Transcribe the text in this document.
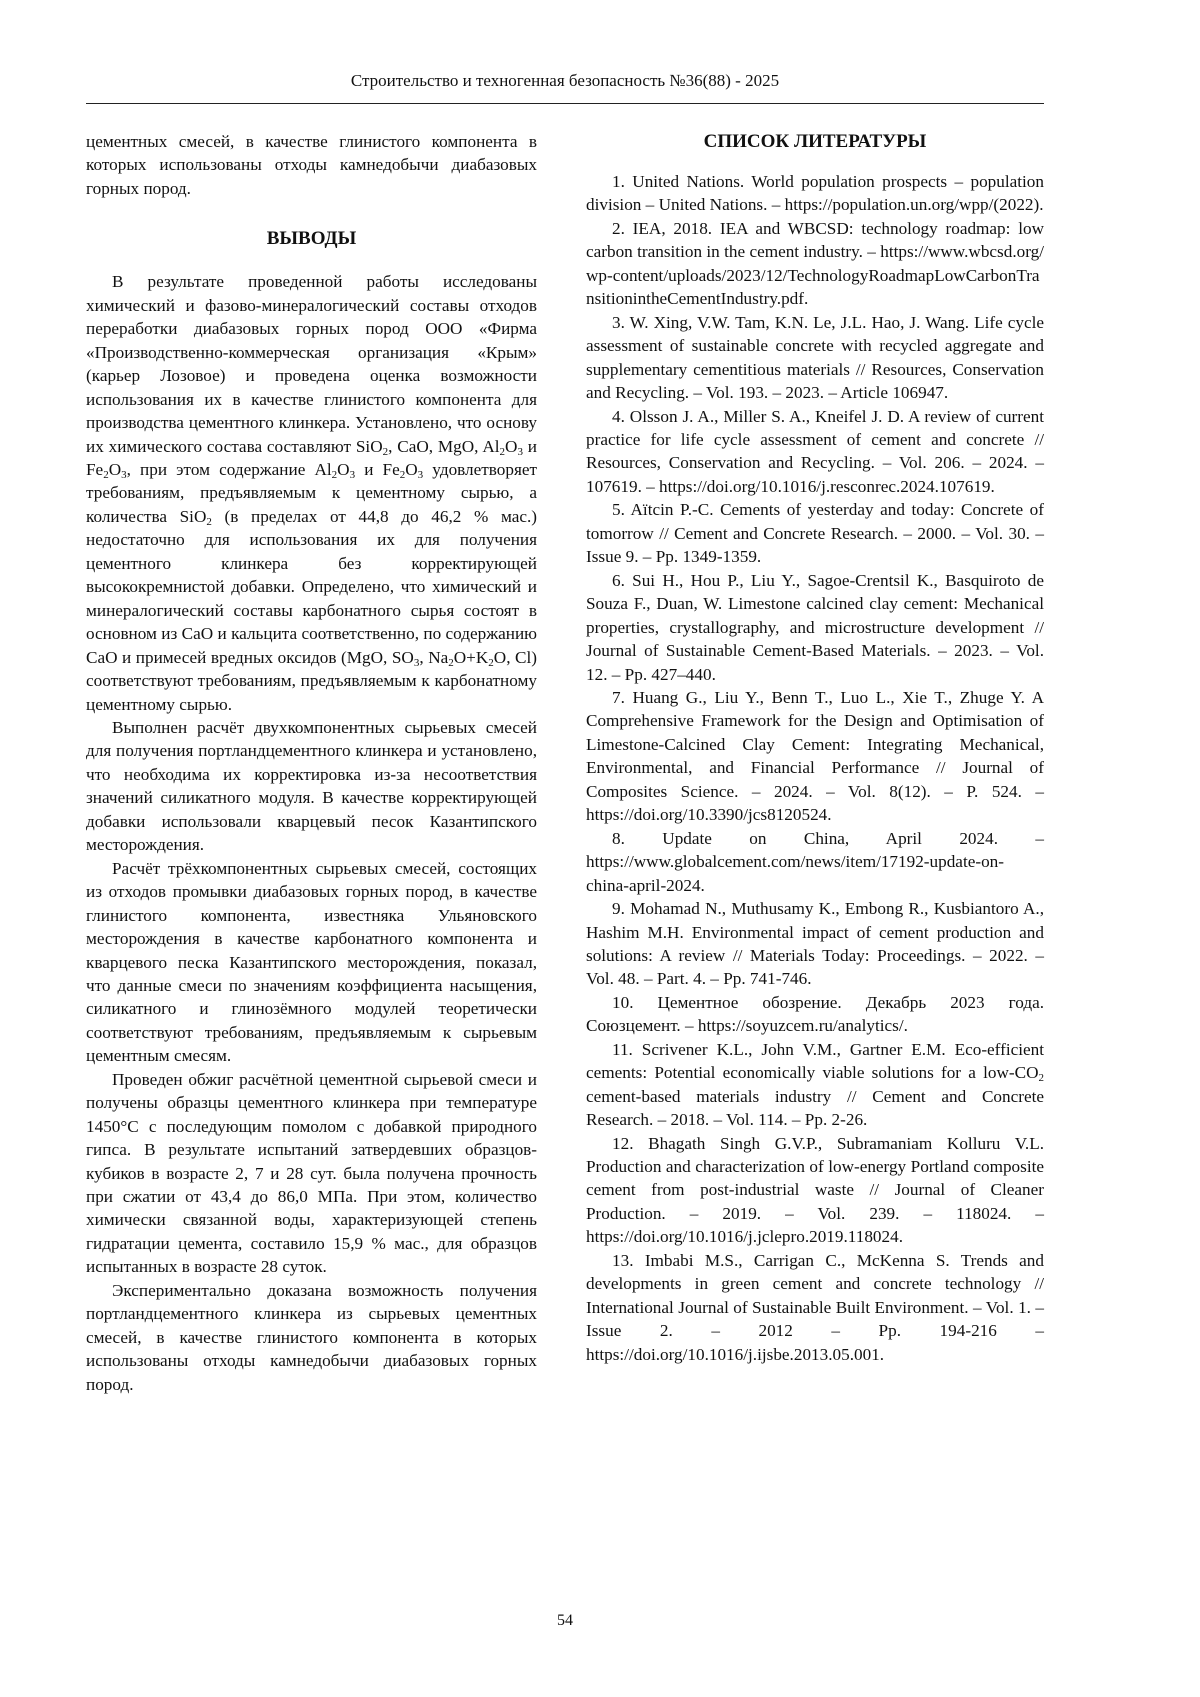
Строительство и техногенная безопасность №36(88) - 2025

цементных смесей, в качестве глинистого компонента в которых использованы отходы камнедобычи диабазовых горных пород.

ВЫВОДЫ

В результате проведенной работы исследованы химический и фазово-минералогический составы отходов переработки диабазовых горных пород ООО «Фирма «Производственно-коммерческая организация «Крым» (карьер Лозовое) и проведена оценка возможности использования их в качестве глинистого компонента для производства цементного клинкера. Установлено, что основу их химического состава составляют SiO$_2$, CaO, MgO, $Al_2O_3$ и $Fe_2O_3$, при этом содержание $Al_2O_3$ и $Fe_2O_3$ удовлетворяет требованиям, предъявляемым к цементному сырью, а количества SiO$_2$ (в пределах от 44,8 до 46,2 % мас.) недостаточно для использования их для получения цементного клинкера без корректирующей высококремнистой добавки. Определено, что химический и минералогический составы карбонатного сырья состоят в основном из CaO и кальцита соответственно, по содержанию CaO и примесей вредных оксидов (MgO, $SO_3$, $Na_2O+K_2O$, Cl) соответствуют требованиям, предъявляемым к карбонатному цементному сырью.

Выполнен расчёт двухкомпонентных сырьевых смесей для получения портландцементного клинкера и установлено, что необходима их корректировка из-за несоответствия значений силикатного модуля. В качестве корректирующей добавки использовали кварцевый песок Казантипского месторождения.

Расчёт трёхкомпонентных сырьевых смесей, состоящих из отходов промывки диабазовых горных пород, в качестве глинистого компонента, известняка Ульяновского месторождения в качестве карбонатного компонента и кварцевого песка Казантипского месторождения, показал, что данные смеси по значениям коэффициента насыщения, силикатного и глинозёмного модулей теоретически соответствуют требованиям, предъявляемым к сырьевым цементным смесям.

Проведен обжиг расчётной цементной сырьевой смеси и получены образцы цементного клинкера при температуре 1450°С с последующим помолом с добавкой природного гипса. В результате испытаний затвердевших образцов-кубиков в возрасте 2, 7 и 28 сут. была получена прочность при сжатии от 43,4 до 86,0 МПа. При этом, количество химически связанной воды, характеризующей степень гидратации цемента, составило 15,9 % мас., для образцов испытанных в возрасте 28 суток.

Экспериментально доказана возможность получения портландцементного клинкера из сырьевых цементных смесей, в качестве глинистого компонента в которых использованы отходы камнедобычи диабазовых горных пород.

СПИСОК ЛИТЕРАТУРЫ

1. United Nations. World population prospects – population division – United Nations. – https://population.un.org/wpp/(2022).

2. IEA, 2018. IEA and WBCSD: technology roadmap: low carbon transition in the cement industry. – https://www.wbcsd.org/wp-content/uploads/2023/12/TechnologyRoadmapLowCarbonTransitionintheCementIndustry.pdf.

3. W. Xing, V.W. Tam, K.N. Le, J.L. Hao, J. Wang. Life cycle assessment of sustainable concrete with recycled aggregate and supplementary cementitious materials // Resources, Conservation and Recycling. – Vol. 193. – 2023. – Article 106947.

4. Olsson J. A., Miller S. A., Kneifel J. D. A review of current practice for life cycle assessment of cement and concrete // Resources, Conservation and Recycling. – Vol. 206. – 2024. – 107619. – https://doi.org/10.1016/j.resconrec.2024.107619.

5. Aïtcin P.-C. Cements of yesterday and today: Concrete of tomorrow // Cement and Concrete Research. – 2000. – Vol. 30. – Issue 9. – Pp. 1349-1359.

6. Sui H., Hou P., Liu Y., Sagoe-Crentsil K., Basquiroto de Souza F., Duan, W. Limestone calcined clay cement: Mechanical properties, crystallography, and microstructure development // Journal of Sustainable Cement-Based Materials. – 2023. – Vol. 12. – Pp. 427–440.

7. Huang G., Liu Y., Benn T., Luo L., Xie T., Zhuge Y. A Comprehensive Framework for the Design and Optimisation of Limestone-Calcined Clay Cement: Integrating Mechanical, Environmental, and Financial Performance // Journal of Composites Science. – 2024. – Vol. 8(12). – P. 524. – https://doi.org/10.3390/jcs8120524.

8. Update on China, April 2024. – https://www.globalcement.com/news/item/17192-update-on-china-april-2024.

9. Mohamad N., Muthusamy K., Embong R., Kusbiantoro A., Hashim M.H. Environmental impact of cement production and solutions: A review // Materials Today: Proceedings. – 2022. – Vol. 48. – Part. 4. – Pp. 741-746.

10. Цементное обозрение. Декабрь 2023 года. Союзцемент. – https://soyuzcem.ru/analytics/.

11. Scrivener K.L., John V.M., Gartner E.M. Eco-efficient cements: Potential economically viable solutions for a low-$CO_2$ cement-based materials industry // Cement and Concrete Research. – 2018. – Vol. 114. – Pp. 2-26.

12. Bhagath Singh G.V.P., Subramaniam Kolluru V.L. Production and characterization of low-energy Portland composite cement from post-industrial waste // Journal of Cleaner Production. – 2019. – Vol. 239. – 118024. – https://doi.org/10.1016/j.jclepro.2019.118024.

13. Imbabi M.S., Carrigan C., McKenna S. Trends and developments in green cement and concrete technology // International Journal of Sustainable Built Environment. – Vol. 1. – Issue 2. – 2012 – Pp. 194-216 – https://doi.org/10.1016/j.ijsbe.2013.05.001.

54
